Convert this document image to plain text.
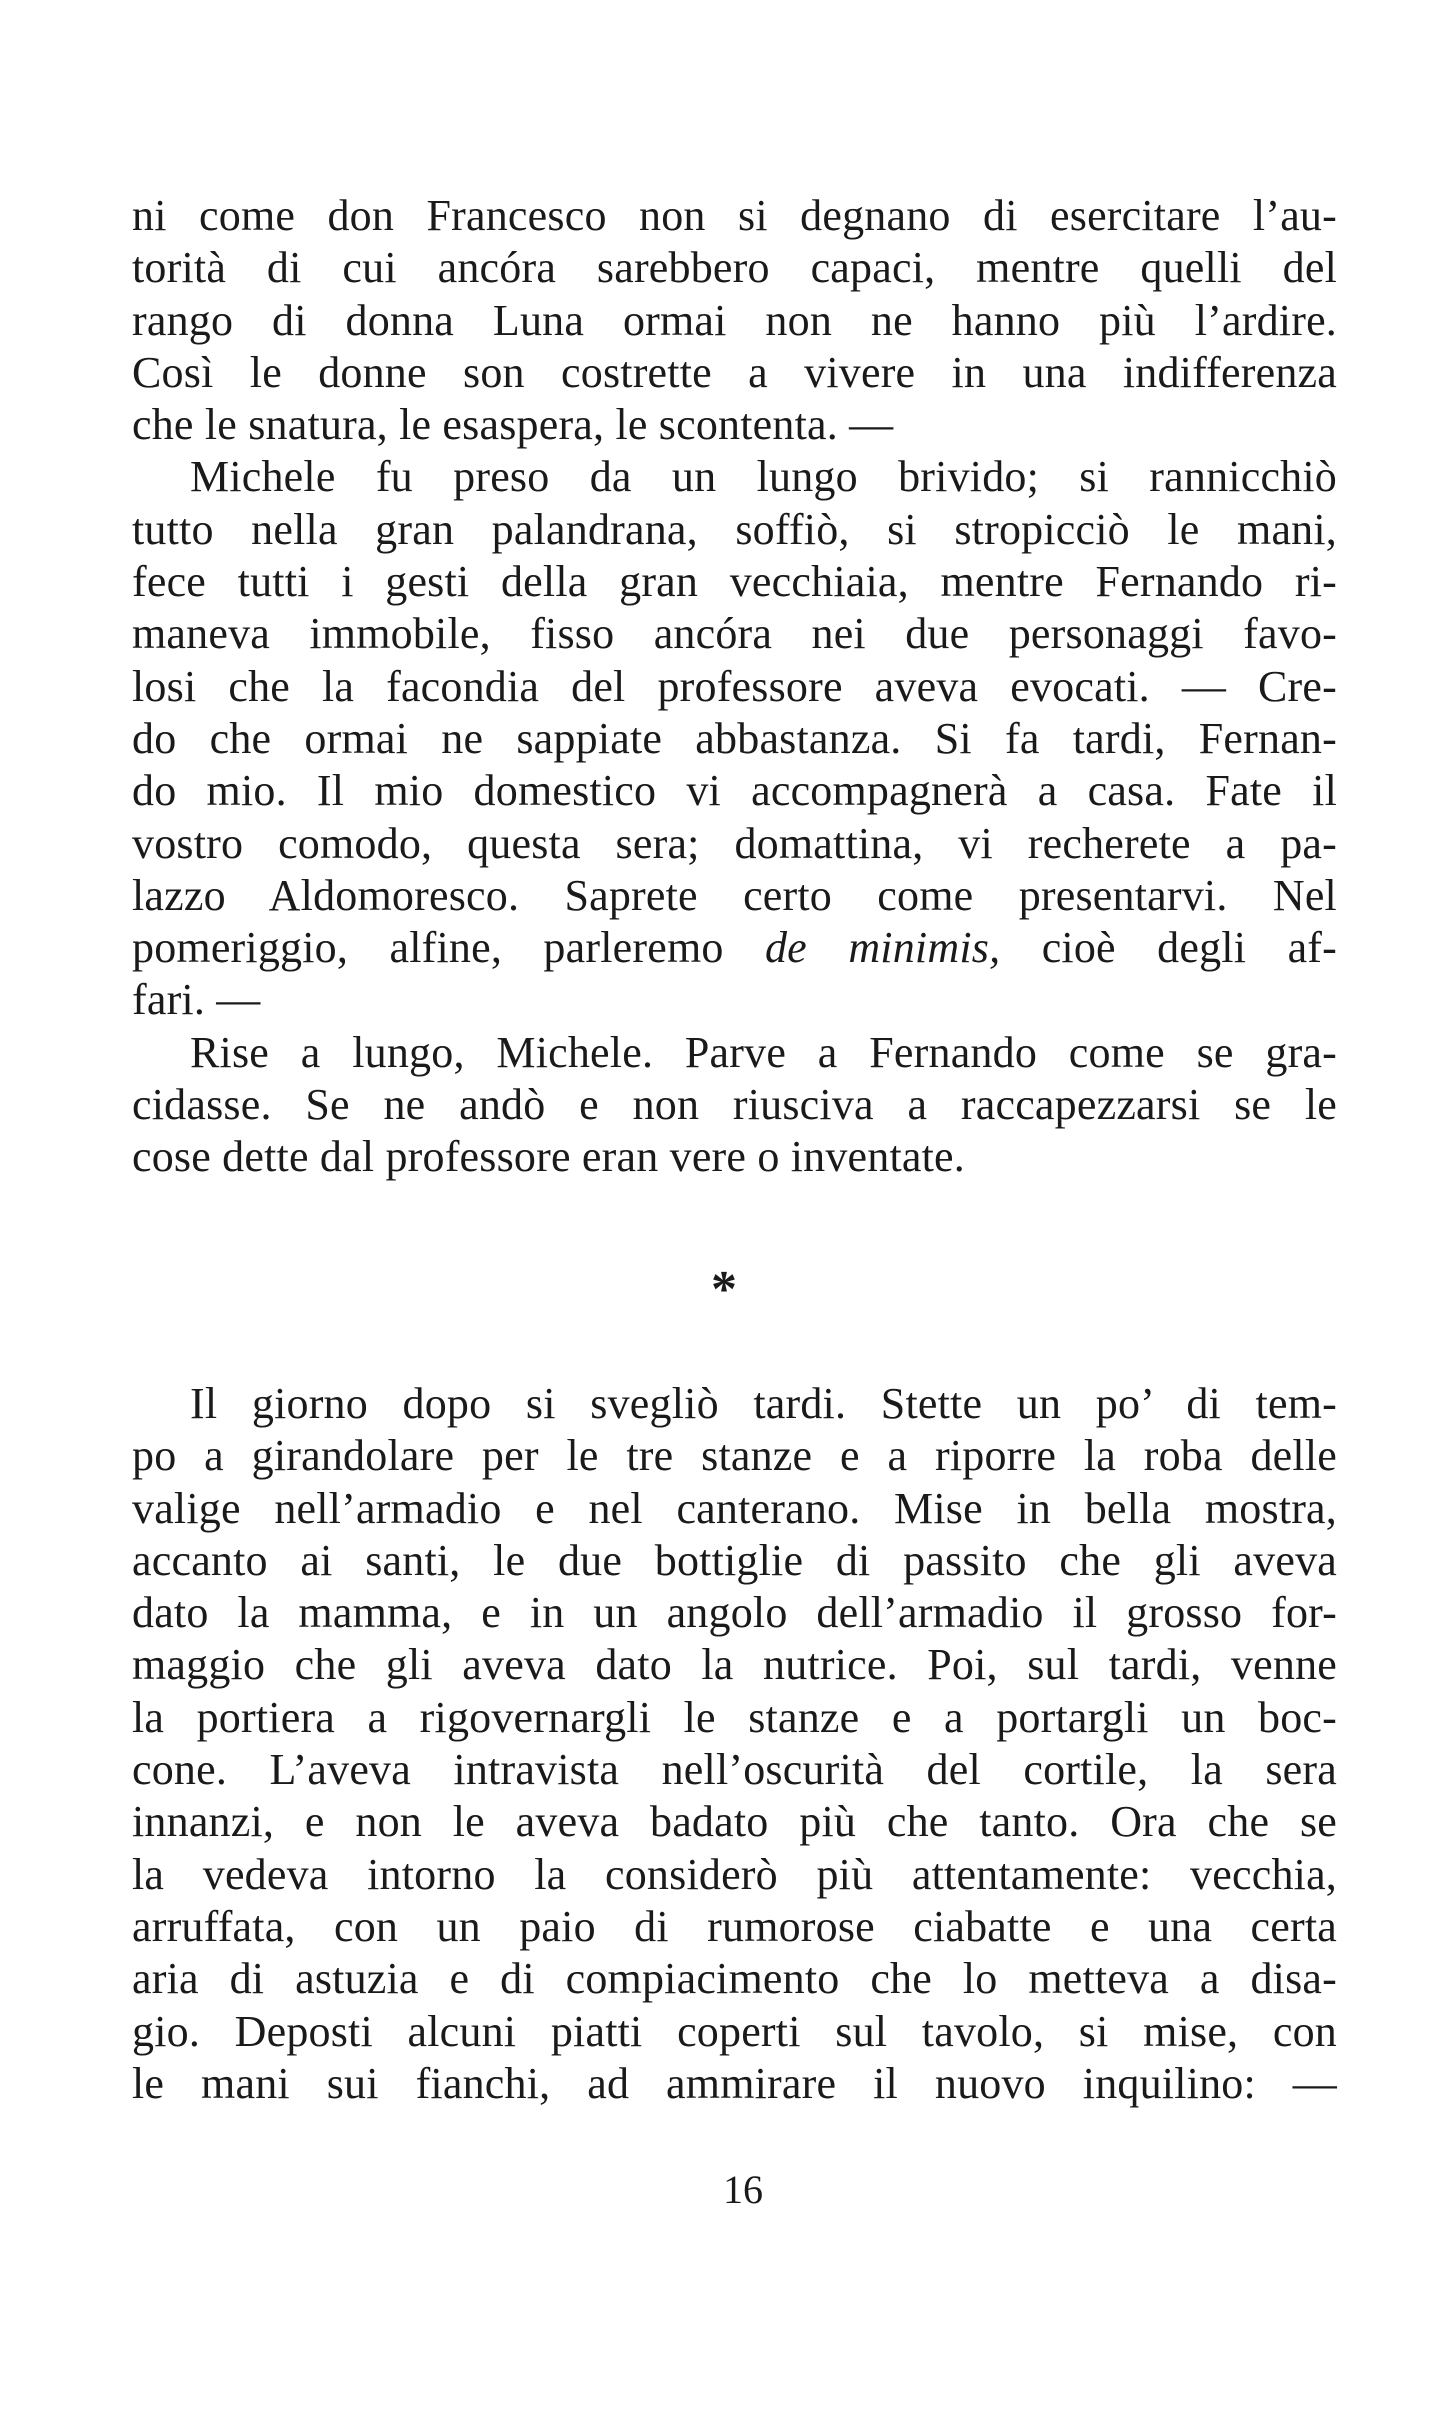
ni come don Francesco non si degnano di esercitare l’au-
torità di cui ancóra sarebbero capaci, mentre quelli del
rango di donna Luna ormai non ne hanno più l’ardire.
Così le donne son costrette a vivere in una indifferenza
che le snatura, le esaspera, le scontenta. —
Michele fu preso da un lungo brivido; si rannicchiò
tutto nella gran palandrana, soffiò, si stropicciò le mani,
fece tutti i gesti della gran vecchiaia, mentre Fernando ri-
maneva immobile, fisso ancóra nei due personaggi favo-
losi che la facondia del professore aveva evocati. — Cre-
do che ormai ne sappiate abbastanza. Si fa tardi, Fernan-
do mio. Il mio domestico vi accompagnerà a casa. Fate il
vostro comodo, questa sera; domattina, vi recherete a pa-
lazzo Aldomoresco. Saprete certo come presentarvi. Nel
pomeriggio, alfine, parleremo de minimis, cioè degli af-
fari. —
Rise a lungo, Michele. Parve a Fernando come se gra-
cidasse. Se ne andò e non riusciva a raccapezzarsi se le
cose dette dal professore eran vere o inventate.
*
Il giorno dopo si svegliò tardi. Stette un po’ di tem-
po a girandolare per le tre stanze e a riporre la roba delle
valige nell’armadio e nel canterano. Mise in bella mostra,
accanto ai santi, le due bottiglie di passito che gli aveva
dato la mamma, e in un angolo dell’armadio il grosso for-
maggio che gli aveva dato la nutrice. Poi, sul tardi, venne
la portiera a rigovernargli le stanze e a portargli un boc-
cone. L’aveva intravista nell’oscurità del cortile, la sera
innanzi, e non le aveva badato più che tanto. Ora che se
la vedeva intorno la considerò più attentamente: vecchia,
arruffata, con un paio di rumorose ciabatte e una certa
aria di astuzia e di compiacimento che lo metteva a disa-
gio. Deposti alcuni piatti coperti sul tavolo, si mise, con
le mani sui fianchi, ad ammirare il nuovo inquilino: —
16
